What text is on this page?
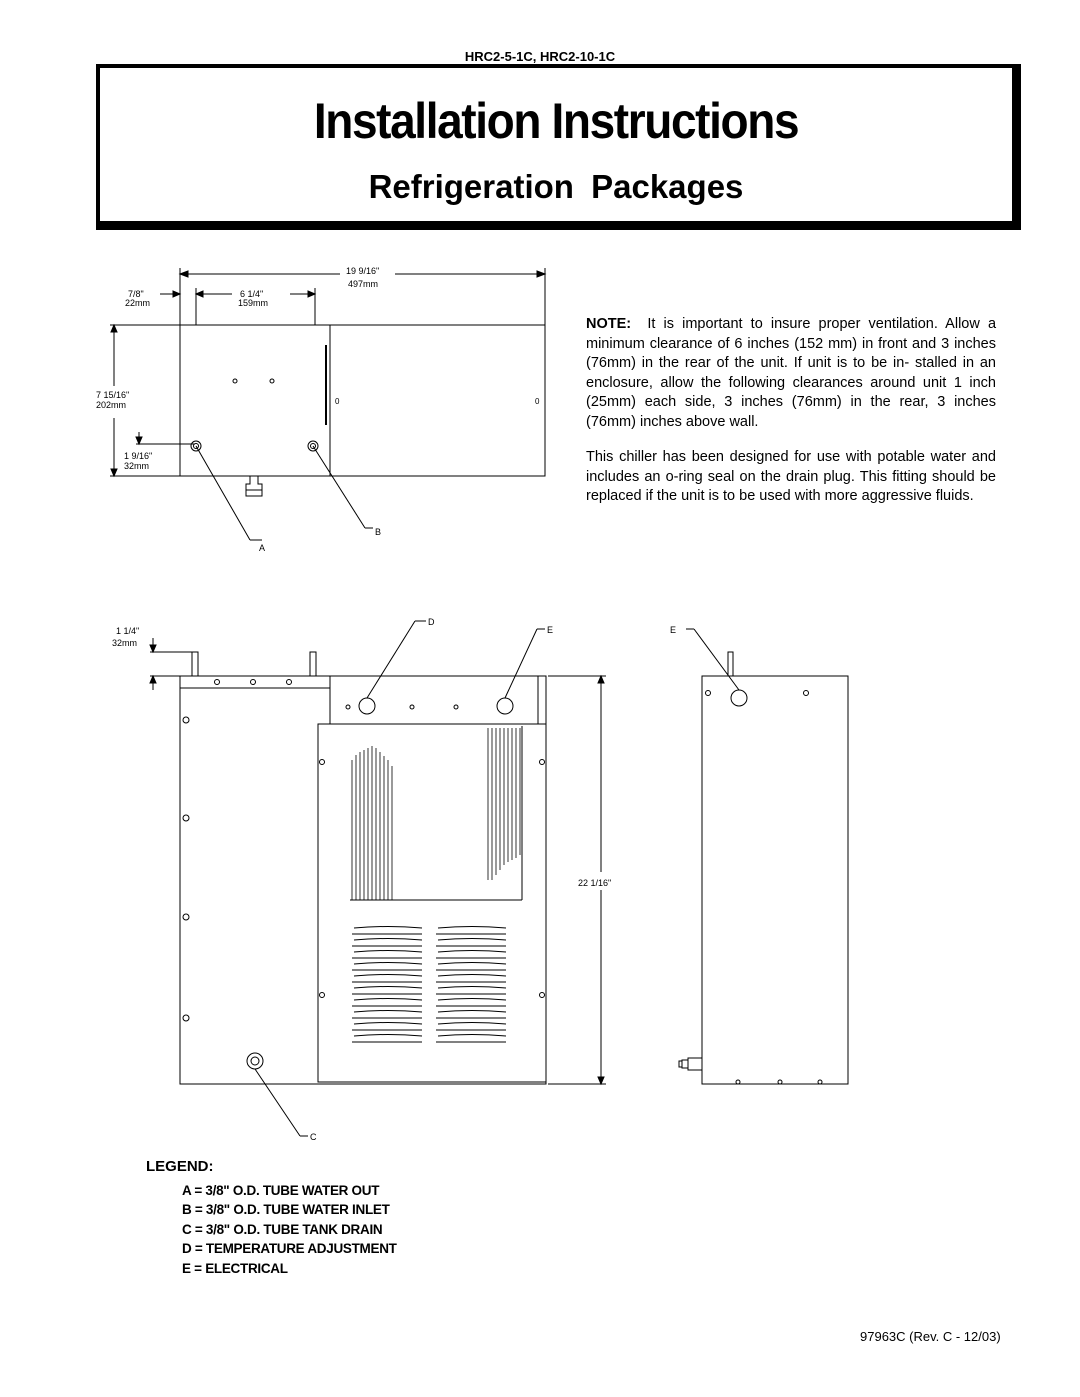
HRC2-5-1C, HRC2-10-1C
Installation Instructions
Refrigeration Packages
NOTE: It is important to insure proper ventilation. Allow a minimum clearance of 6 inches (152 mm) in front and 3 inches (76mm) in the rear of the unit. If unit is to be in- stalled in an enclosure, allow the following clearances around unit 1 inch (25mm) each side, 3 inches (76mm) in the rear, 3 inches (76mm) inches above wall.
This chiller has been designed for use with potable water and includes an o-ring seal on the drain plug. This fitting should be replaced if the unit is to be used with more aggressive fluids.
19 9/16"
497mm
7/8"
22mm
6 1/4"
159mm
7 15/16"
202mm
1 9/16"
32mm
0	0
A
B
1 1/4"
32mm
22 1/16"
D
E
C
E
LEGEND:
A = 3/8" O.D. TUBE WATER OUT
B = 3/8" O.D. TUBE WATER INLET
C = 3/8" O.D. TUBE TANK DRAIN
D = TEMPERATURE ADJUSTMENT
E = ELECTRICAL
97963C (Rev. C - 12/03)
